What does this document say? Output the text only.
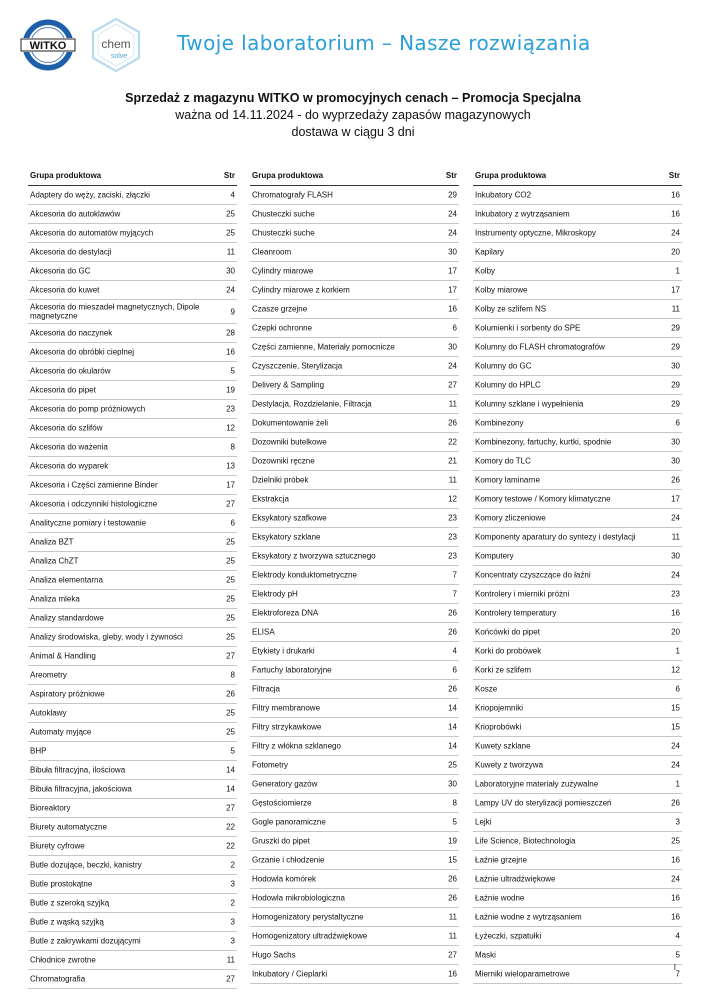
WITKO	chem
solve
Twoje laboratorium – Nasze rozwiązania
Sprzedaż z magazynu WITKO w promocyjnych cenach – Promocja Specjalna
ważna od 14.11.2024 - do wyprzedaży zapasów magazynowych
dostawa w ciągu 3 dni
Grupa produktowa	Str
Adaptery do węży, zaciski, złączki	4
Akcesoria do autoklawów	25
Akcesoria do automatów myjących	25
Akcesoria do destylacji	11
Akcesoria do GC	30
Akcesoria do kuwet	24
Akcesoria do mieszadeł magnetycznych, Dipole magnetyczne	9
Akcesoria do naczynek	28
Akcesoria do obróbki cieplnej	16
Akcesoria do okularów	5
Akcesoria do pipet	19
Akcesoria do pomp próżniowych	23
Akcesoria do szlifów	12
Akcesoria do ważenia	8
Akcesoria do wyparek	13
Akcesoria i Części zamienne Binder	17
Akcesoria i odczynniki histologiczne	27
Analityczne pomiary i testowanie	6
Analiza BZT	25
Analiza ChZT	25
Analiza elementarna	25
Analiza mleka	25
Analizy standardowe	25
Analizy środowiska, gleby, wody i żywności	25
Animal & Handling	27
Areometry	8
Aspiratory próżniowe	26
Autoklawy	25
Automaty myjące	25
BHP	5
Bibuła filtracyjna, ilościowa	14
Bibuła filtracyjna, jakościowa	14
Bioreaktory	27
Biurety automatyczne	22
Biurety cyfrowe	22
Butle dozujące, beczki, kanistry	2
Butle prostokątne	3
Butle z szeroką szyjką	2
Butle z wąską szyjką	3
Butle z zakrywkami dozującymi	3
Chłodnice zwrotne	11
Chromatografia	27
Grupa produktowa	Str
Chromatografy FLASH	29
Chusteczki suche	24
Chusteczki suche	24
Cleanroom	30
Cylindry miarowe	17
Cylindry miarowe z korkiem	17
Czasze grzejne	16
Czepki ochronne	6
Części zamienne, Materiały pomocnicze	30
Czyszczenie, Sterylizacja	24
Delivery & Sampling	27
Destylacja, Rozdzielanie, Filtracja	11
Dokumentowanie żeli	26
Dozowniki butelkowe	22
Dozowniki ręczne	21
Dzielniki próbek	11
Ekstrakcja	12
Eksykatory szafkowe	23
Eksykatory szklane	23
Eksykatory z tworzywa sztucznego	23
Elektrody konduktometryczne	7
Elektrody pH	7
Elektroforeza DNA	26
ELISA	26
Etykiety i drukarki	4
Fartuchy laboratoryjne	6
Filtracja	26
Filtry membranowe	14
Filtry strzykawkowe	14
Filtry z włókna szklanego	14
Fotometry	25
Generatory gazów	30
Gęstościomierze	8
Gogle panoramiczne	5
Gruszki do pipet	19
Grzanie i chłodzenie	15
Hodowla komórek	26
Hodowla mikrobiologiczna	26
Homogenizatory perystaltyczne	11
Homogenizatory ultradźwiękowe	11
Hugo Sachs	27
Inkubatory / Cieplarki	16
Grupa produktowa	Str
Inkubatory CO2	16
Inkubatory z wytrząsaniem	16
Instrumenty optyczne, Mikroskopy	24
Kapilary	20
Kolby	1
Kolby miarowe	17
Kolby ze szlifem NS	11
Kolumienki i sorbenty do SPE	29
Kolumny do FLASH chromatografów	29
Kolumny do GC	30
Kolumny do HPLC	29
Kolumny szklane i wypełnienia	29
Kombinezony	6
Kombinezony, fartuchy, kurtki, spodnie	30
Komory do TLC	30
Komory laminarne	26
Komory testowe / Komory klimatyczne	17
Komory zliczeniowe	24
Komponenty aparatury do syntezy i destylacji	11
Komputery	30
Koncentraty czyszczące do łaźni	24
Kontrolery i mierniki próżni	23
Kontrolery temperatury	16
Końcówki do pipet	20
Korki do probówek	1
Korki ze szlifem	12
Kosze	6
Kriopojemniki	15
Krioprobówki	15
Kuwety szklane	24
Kuwety z tworzywa	24
Laboratoryjne materiały zużywalne	1
Lampy UV do sterylizacji pomieszczeń	26
Lejki	3
Life Science, Biotechnologia	25
Łaźnie grzejne	16
Łaźnie ultradźwiękowe	24
Łaźnie wodne	16
Łaźnie wodne z wytrząsaniem	16
Łyżeczki, szpatułki	4
Maski	5
Mierniki wieloparametrowe	7
I
